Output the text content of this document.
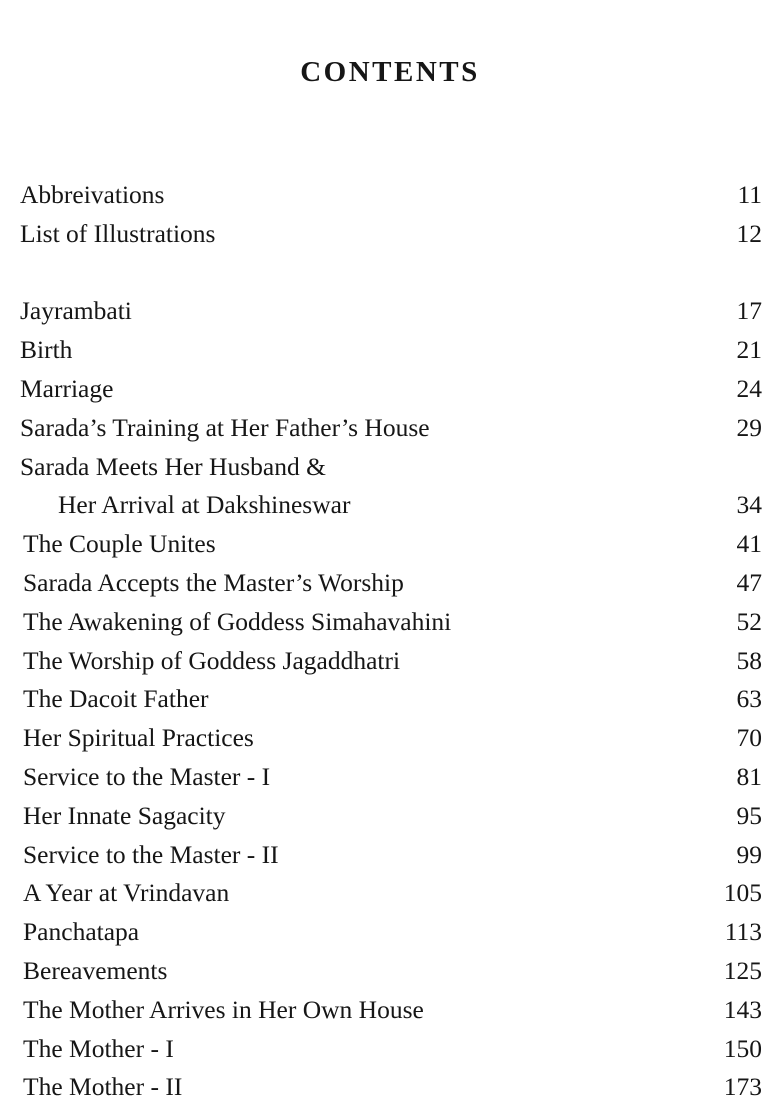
CONTENTS
Abbreivations	11
List of Illustrations	12
Jayrambati	17
Birth	21
Marriage	24
Sarada’s Training at Her Father’s House	29
Sarada Meets Her Husband &
Her Arrival at Dakshineswar	34
The Couple Unites	41
Sarada Accepts the Master’s Worship	47
The Awakening of Goddess Simahavahini	52
The Worship of Goddess Jagaddhatri	58
The Dacoit Father	63
Her Spiritual Practices	70
Service to the Master - I	81
Her Innate Sagacity	95
Service to the Master - II	99
A Year at Vrindavan	105
Panchatapa	113
Bereavements	125
The Mother Arrives in Her Own House	143
The Mother - I	150
The Mother - II	173
